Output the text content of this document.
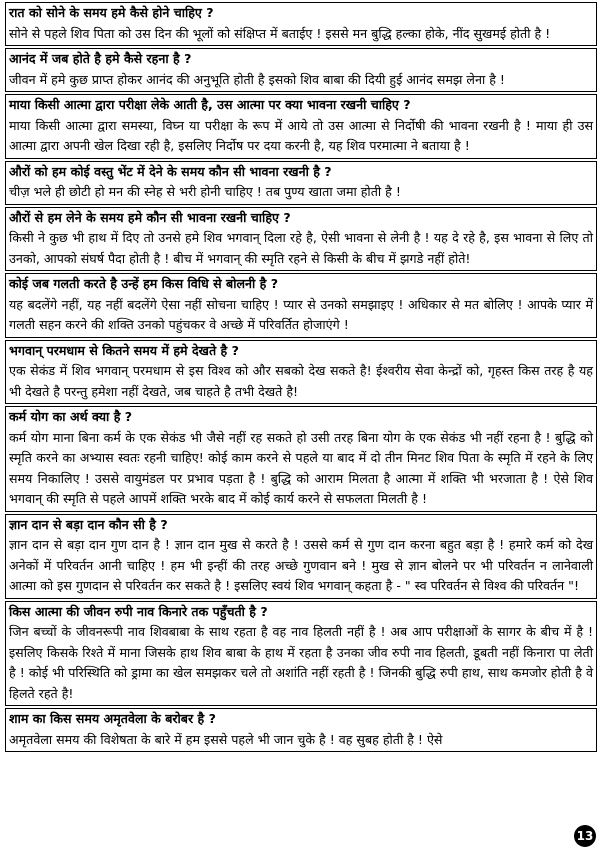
रात को सोने के समय हमे कैसे होने चाहिए ?

सोने से पहले शिव पिता को उस दिन की भूलों को संक्षिप्त में बताईए ! इससे मन बुद्धि हल्का होके, नींद सुखमई होती है !

आनंद में जब होते है हमे कैसे रहना है ?

जीवन में हमे कुछ प्राप्त होकर आनंद की अनुभूति होती है इसको शिव बाबा की दियी हुई आनंद समझ लेना है !

माया किसी आत्मा द्वारा परीक्षा लेके आती है, उस आत्मा पर क्या भावना रखनी चाहिए ?

माया किसी आत्मा द्वारा समस्या, विघ्न या परीक्षा के रूप में आये तो उस आत्मा से निर्दोषी की भावना रखनी है ! माया ही उस आत्मा द्वारा अपनी खेल दिखा रही है, इसलिए निर्दोष पर दया करनी है, यह शिव परमात्मा ने बताया है !

औरों को हम कोई वस्तु भेंट में देने के समय कौन सी भावना रखनी है ?

चीज़ भले ही छोटी हो मन की स्नेह से भरी होनी चाहिए ! तब पुण्य खाता जमा होती है !

औरों से हम लेने के समय हमे कौन सी भावना रखनी चाहिए ?

किसी ने कुछ भी हाथ में दिए तो उनसे हमे शिव भगवान् दिला रहे है, ऐसी भावना से लेनी है ! यह दे रहे है, इस भावना से लिए तो उनको, आपको संघर्ष पैदा होती है ! बीच में भगवान् की स्मृति रहने से किसी के बीच में झगडे नहीं होते!

कोई जब गलती करते है उन्हें हम किस विधि से बोलनी है ?

यह बदलेंगे नहीं, यह नहीं बदलेंगे ऐसा नहीं सोचना चाहिए ! प्यार से उनको समझाइए ! अधिकार से मत बोलिए ! आपके प्यार में गलती सहन करने की शक्ति उनको पहुंचकर वे अच्छे में परिवर्तित होजाएंगे !

भगवान् परमधाम से कितने समय में हमे देखते है ?

एक सेकंड में शिव भगवान् परमधाम से इस विश्व को और सबको देख सकते है! ईश्वरीय सेवा केन्द्रों को, गृहस्त किस तरह है यह भी देखते है परन्तु हमेशा नहीं देखते, जब चाहते है तभी देखते है!

कर्म योग का अर्थ क्या है ?

कर्म योग माना बिना कर्म के एक सेकंड भी जैसे नहीं रह सकते हो उसी तरह बिना योग के एक सेकंड भी नहीं रहना है ! बुद्धि को स्मृति करने का अभ्यास स्वतः रहनी चाहिए! कोई काम करने से पहले या बाद में दो तीन मिनट शिव पिता के स्मृति में रहने के लिए समय निकालिए ! उससे वायुमंडल पर प्रभाव पड़ता है ! बुद्धि को आराम मिलता है आत्मा में शक्ति भी भरजाता है ! ऐसे शिव भगवान् की स्मृति से पहले आपमें शक्ति भरके बाद में कोई कार्य करने से सफलता मिलती है !

ज्ञान दान से बड़ा दान कौन सी है ?

ज्ञान दान से बड़ा दान गुण दान है ! ज्ञान दान मुख से करते है ! उससे कर्म से गुण दान करना बहुत बड़ा है ! हमारे कर्म को देख अनेकों में परिवर्तन आनी चाहिए ! हम भी इन्हीं की तरह अच्छे गुणवान बने ! मुख से ज्ञान बोलने पर भी परिवर्तन न लानेवाली आत्मा को इस गुणदान से परिवर्तन कर सकते है ! इसलिए स्वयं शिव भगवान् कहता है - " स्व परिवर्तन से विश्व की परिवर्तन "!

किस आत्मा की जीवन रुपी नाव किनारे तक पहुँचती है ?

जिन बच्चों के जीवनरूपी नाव शिवबाबा के साथ रहता है वह नाव हिलती नहीं है ! अब आप परीक्षाओं के सागर के बीच में है ! इसलिए किसके रिश्ते में माना जिसके हाथ शिव बाबा के हाथ में रहता है उनका जीव रुपी नाव हिलती, डूबती नहीं किनारा पा लेती है ! कोई भी परिस्थिति को ड्रामा का खेल समझकर चले तो अशांति नहीं रहती है ! जिनकी बुद्धि रुपी हाथ, साथ कमजोर होती है वे हिलते रहते है!

शाम का किस समय अमृतवेला के बरोबर है ?

अमृतवेला समय की विशेषता के बारे में हम इससे पहले भी जान चुके है ! वह सुबह होती है ! ऐसे

13
